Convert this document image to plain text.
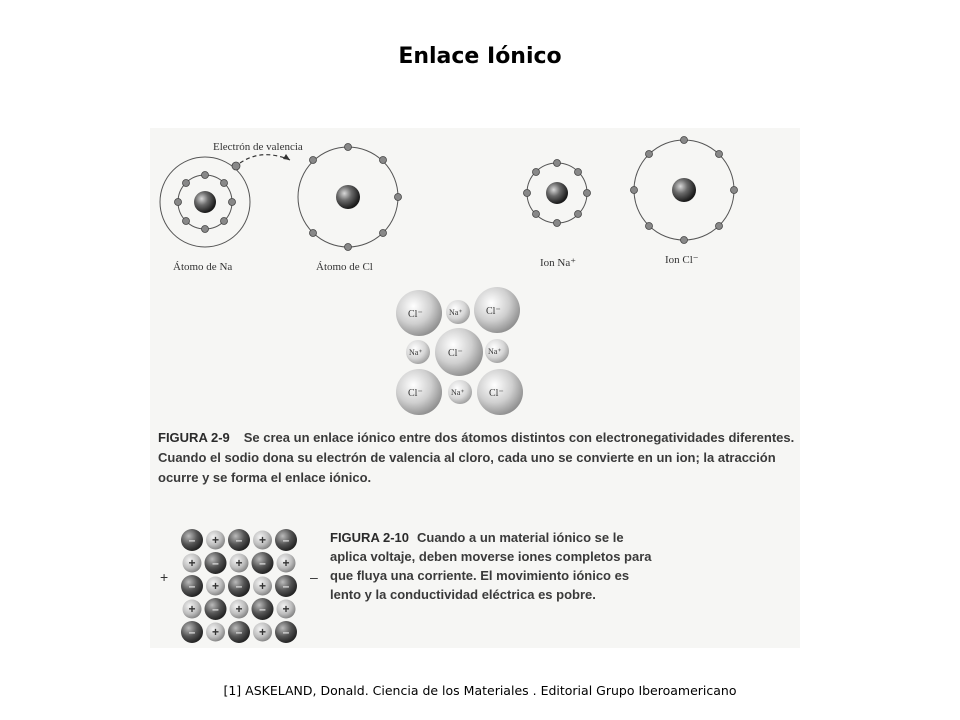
Enlace Iónico
Electrón de valencia
Átomo de Na	Átomo de Cl	Ion Na⁺	Ion Cl⁻
Cl⁻	Cl⁻
Cl⁻
Cl⁻	Cl⁻
Na⁺
Na⁺	Na⁺
Na⁺
+	–
– + – + –
+ – + – +
– + – + –
+ – + – +
– + – + –
FIGURA 2-9 Se crea un enlace iónico entre dos átomos distintos con electronegatividades diferentes. Cuando el sodio dona su electrón de valencia al cloro, cada uno se convierte en un ion; la atracción ocurre y se forma el enlace iónico.
FIGURA 2-10 Cuando a un material iónico se le aplica voltaje, deben moverse iones completos para que fluya una corriente. El movimiento iónico es lento y la conductividad eléctrica es pobre.
[1] ASKELAND, Donald. Ciencia de los Materiales . Editorial Grupo Iberoamericano
